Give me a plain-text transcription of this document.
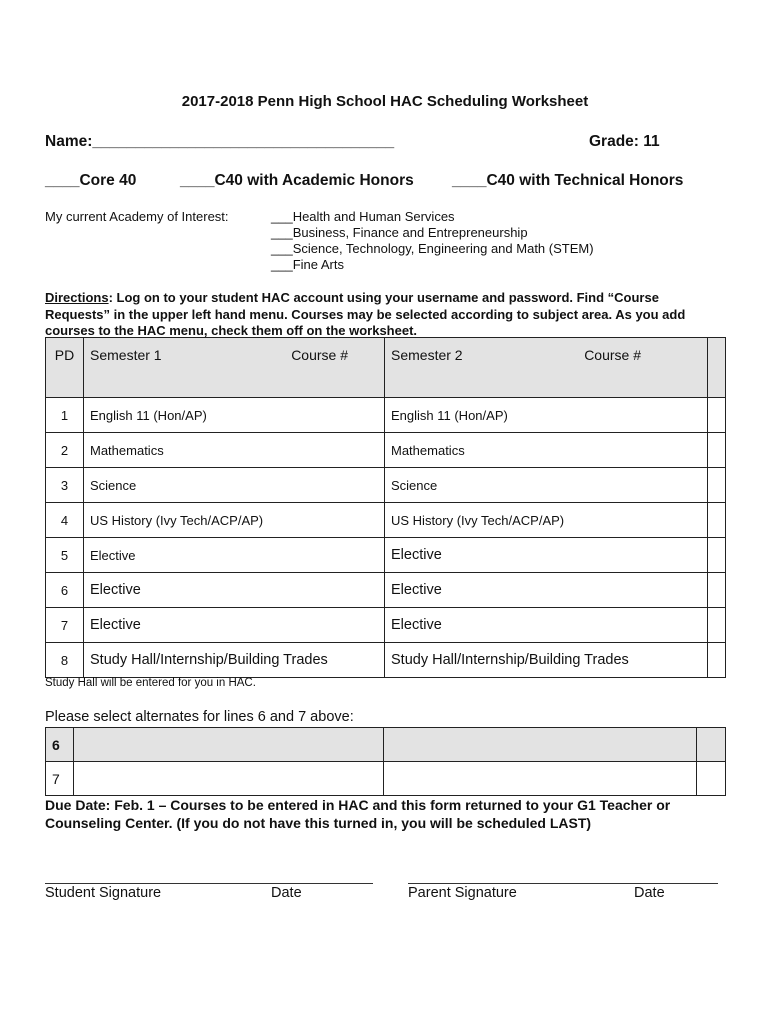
2017-2018 Penn High School HAC Scheduling Worksheet
Name:___________________________________	Grade: 11
____Core 40	____C40 with Academic Honors ____C40 with Technical Honors
My current Academy of Interest:	___Health and Human Services
___Business, Finance and Entrepreneurship
___Science, Technology, Engineering and Math (STEM)
___Fine Arts
Directions: Log on to your student HAC account using your username and password. Find “Course Requests” in the upper left hand menu. Courses may be selected according to subject area. As you add courses to the HAC menu, check them off on the worksheet.
PD	Semester 1 Course #	Semester 2 Course #	

1	English 11 (Hon/AP)	English 11 (Hon/AP)	
2	Mathematics	Mathematics	
3	Science	Science	
4	US History (Ivy Tech/ACP/AP)	US History (Ivy Tech/ACP/AP)	
5	Elective	Elective	
6	Elective	Elective	
7	Elective	Elective	
8	Study Hall/Internship/Building Trades	Study Hall/Internship/Building Trades	
Study Hall will be entered for you in HAC.
Please select alternates for lines 6 and 7 above:
6			
7			
Due Date: Feb. 1 – Courses to be entered in HAC and this form returned to your G1 Teacher or Counseling Center. (If you do not have this turned in, you will be scheduled LAST)
Student Signature	Date	Parent Signature	Date
